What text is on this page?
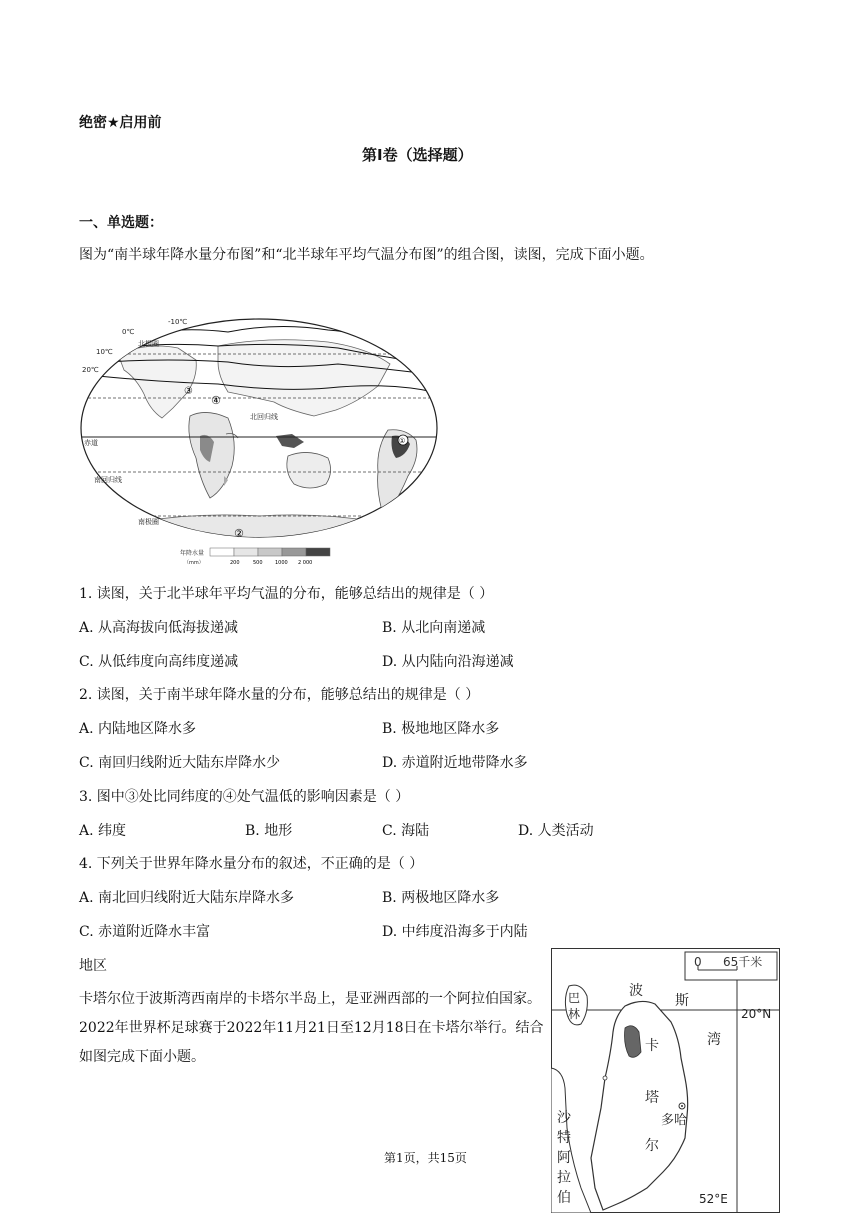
绝密★启用前
第Ⅰ卷（选择题）
一、单选题：
图为“南半球年降水量分布图”和“北半球年平均气温分布图”的组合图，读图，完成下面小题。
-10℃
0℃
10℃
20℃
北极圈
北回归线
赤道
南回归线
南极圈
①
②
③
④
年降水量
（mm）	200	500 1000 2 000
1. 读图，关于北半球年平均气温的分布，能够总结出的规律是（ ）
A. 从高海拔向低海拔递减	B. 从北向南递减
C. 从低纬度向高纬度递减	D. 从内陆向沿海递减
2. 读图，关于南半球年降水量的分布，能够总结出的规律是（ ）
A. 内陆地区降水多	B. 极地地区降水多
C. 南回归线附近大陆东岸降水少	D. 赤道附近地带降水多
3. 图中③处比同纬度的④处气温低的影响因素是（ ）
A. 纬度	B. 地形	C. 海陆	D. 人类活动
4. 下列关于世界年降水量分布的叙述，不正确的是（ ）
A. 南北回归线附近大陆东岸降水多	B. 两极地区降水多
C. 赤道附近降水丰富	D. 中纬度沿海多于内陆
地区
卡塔尔位于波斯湾西南岸的卡塔尔半岛上，是亚洲西部的一个阿拉伯国家。2022年世界杯足球赛于2022年11月21日至12月18日在卡塔尔举行。结合如图完成下面小题。
0 65千米
波
斯
湾
巴
林
卡
塔
尔
多哈
沙
特
阿
拉
伯
20°N
52°E
第1页，共15页
